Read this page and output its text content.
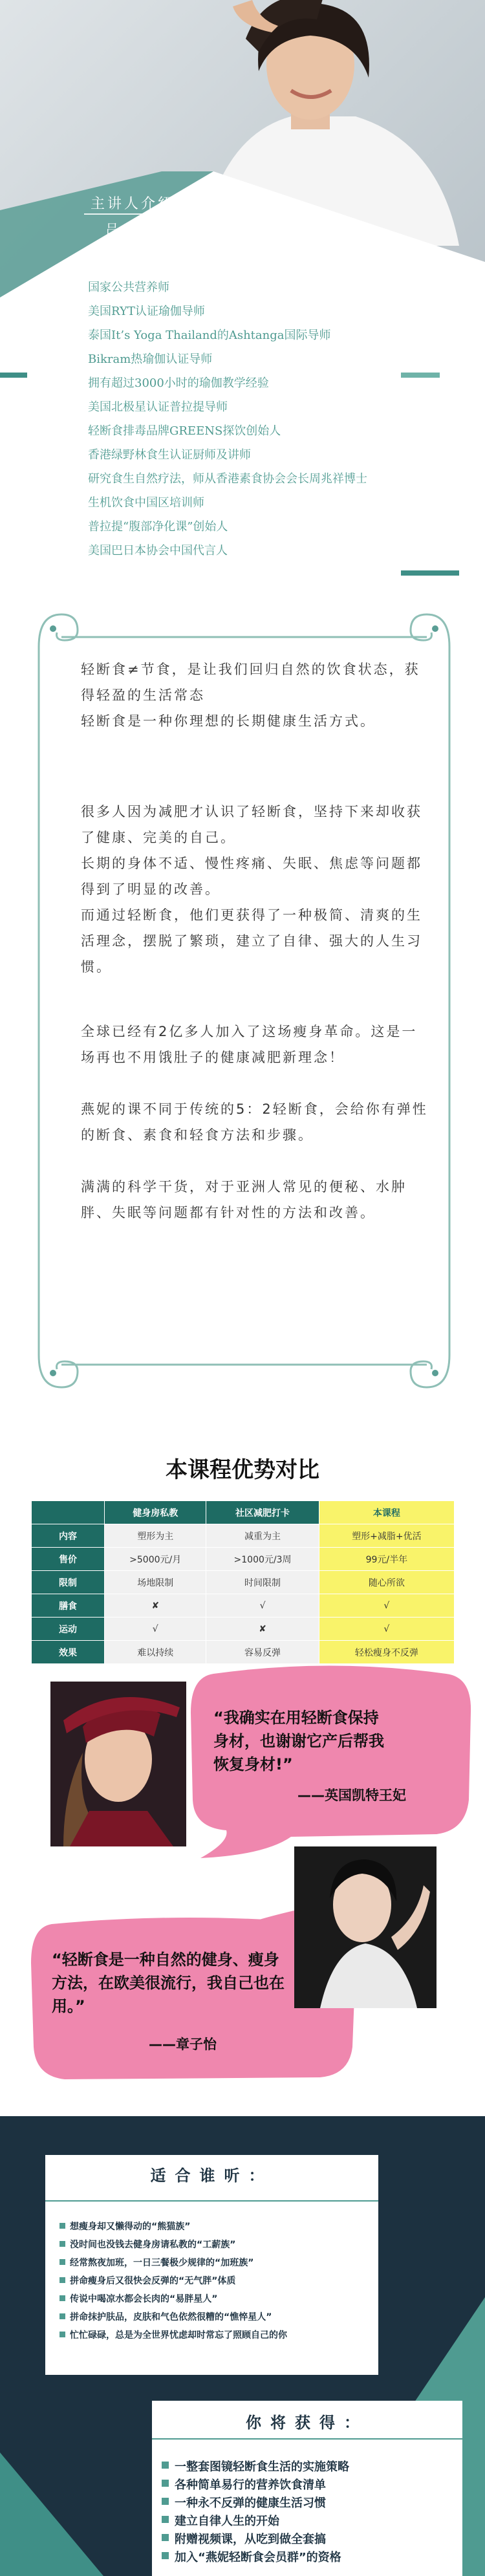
主讲人介绍
吕燕妮
国家公共营养师
美国RYT认证瑜伽导师
泰国It’s Yoga Thailand的Ashtanga国际导师
Bikram热瑜伽认证导师
拥有超过3000小时的瑜伽教学经验
美国北极星认证普拉提导师
轻断食排毒品牌GREENS探饮创始人
香港绿野林食生认证厨师及讲师
研究食生自然疗法，师从香港素食协会会长周兆祥博士
生机饮食中国区培训师
普拉提“腹部净化课”创始人
美国巴日本协会中国代言人
轻断食≠节食，是让我们回归自然的饮食状态，获得轻盈的生活常态
轻断食是一种你理想的长期健康生活方式。
很多人因为减肥才认识了轻断食，坚持下来却收获了健康、完美的自己。
长期的身体不适、慢性疼痛、失眠、焦虑等问题都得到了明显的改善。
而通过轻断食，他们更获得了一种极简、清爽的生活理念，摆脱了繁琐，建立了自律、强大的人生习惯。
全球已经有2亿多人加入了这场瘦身革命。这是一场再也不用饿肚子的健康减肥新理念！
燕妮的课不同于传统的5：2轻断食，会给你有弹性的断食、素食和轻食方法和步骤。
满满的科学干货，对于亚洲人常见的便秘、水肿胖、失眠等问题都有针对性的方法和改善。
本课程优势对比
	健身房私教	社区减肥打卡	本课程
内容	塑形为主	减重为主	塑形+减脂+优活
售价	>5000元/月	>1000元/3周	99元/半年
限制	场地限制	时间限制	随心所欲
膳食	✘	√	√
运动	√	✘	√
效果	难以持续	容易反弹	轻松瘦身不反弹
“我确实在用轻断食保持
身材，也谢谢它产后帮我
恢复身材!”
——英国凯特王妃
“轻断食是一种自然的健身、瘦身
方法，在欧美很流行，我自己也在
用。”
——章子怡
适合谁听：
想瘦身却又懒得动的“熊猫族”
没时间也没钱去健身房请私教的“工薪族”
经常熬夜加班，一日三餐极少规律的“加班族”
拼命瘦身后又很快会反弹的“无气胖”体质
传说中喝凉水都会长肉的“易胖星人”
拼命抹护肤品，皮肤和气色依然很糟的“憔悴星人”
忙忙碌碌，总是为全世界忧虑却时常忘了照顾自己的你
你将获得：
一整套图镜轻断食生活的实施策略
各种简单易行的营养饮食清单
一种永不反弹的健康生活习惯
建立自律人生的开始
附赠视频课，从吃到做全套搞
加入“燕妮轻断食会员群”的资格
